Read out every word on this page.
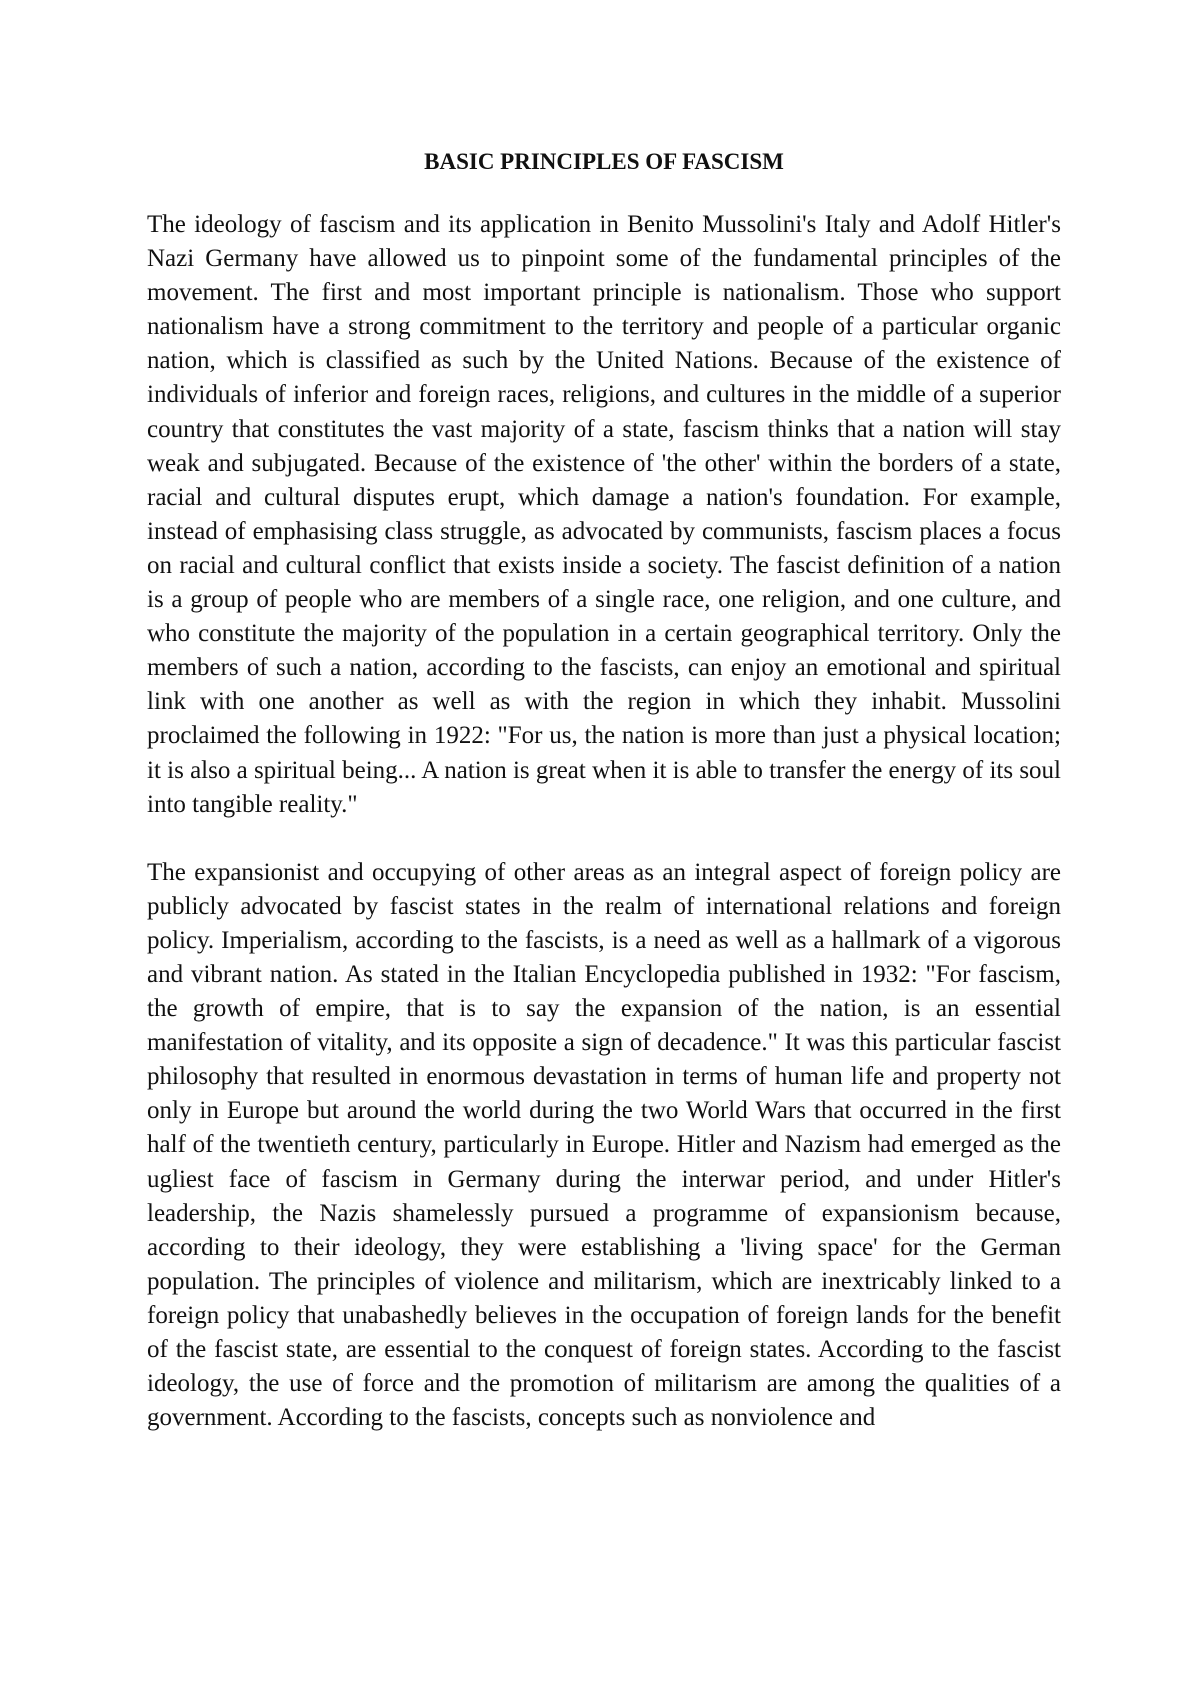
BASIC PRINCIPLES OF FASCISM

The ideology of fascism and its application in Benito Mussolini's Italy and Adolf Hitler's Nazi Germany have allowed us to pinpoint some of the fundamental principles of the movement. The first and most important principle is nationalism. Those who support nationalism have a strong commitment to the territory and people of a particular organic nation, which is classified as such by the United Nations. Because of the existence of individuals of inferior and foreign races, religions, and cultures in the middle of a superior country that constitutes the vast majority of a state, fascism thinks that a nation will stay weak and subjugated. Because of the existence of 'the other' within the borders of a state, racial and cultural disputes erupt, which damage a nation's foundation. For example, instead of emphasising class struggle, as advocated by communists, fascism places a focus on racial and cultural conflict that exists inside a society. The fascist definition of a nation is a group of people who are members of a single race, one religion, and one culture, and who constitute the majority of the population in a certain geographical territory. Only the members of such a nation, according to the fascists, can enjoy an emotional and spiritual link with one another as well as with the region in which they inhabit. Mussolini proclaimed the following in 1922: "For us, the nation is more than just a physical location; it is also a spiritual being... A nation is great when it is able to transfer the energy of its soul into tangible reality."

The expansionist and occupying of other areas as an integral aspect of foreign policy are publicly advocated by fascist states in the realm of international relations and foreign policy. Imperialism, according to the fascists, is a need as well as a hallmark of a vigorous and vibrant nation. As stated in the Italian Encyclopedia published in 1932: "For fascism, the growth of empire, that is to say the expansion of the nation, is an essential manifestation of vitality, and its opposite a sign of decadence." It was this particular fascist philosophy that resulted in enormous devastation in terms of human life and property not only in Europe but around the world during the two World Wars that occurred in the first half of the twentieth century, particularly in Europe. Hitler and Nazism had emerged as the ugliest face of fascism in Germany during the interwar period, and under Hitler's leadership, the Nazis shamelessly pursued a programme of expansionism because, according to their ideology, they were establishing a 'living space' for the German population. The principles of violence and militarism, which are inextricably linked to a foreign policy that unabashedly believes in the occupation of foreign lands for the benefit of the fascist state, are essential to the conquest of foreign states. According to the fascist ideology, the use of force and the promotion of militarism are among the qualities of a government. According to the fascists, concepts such as nonviolence and
